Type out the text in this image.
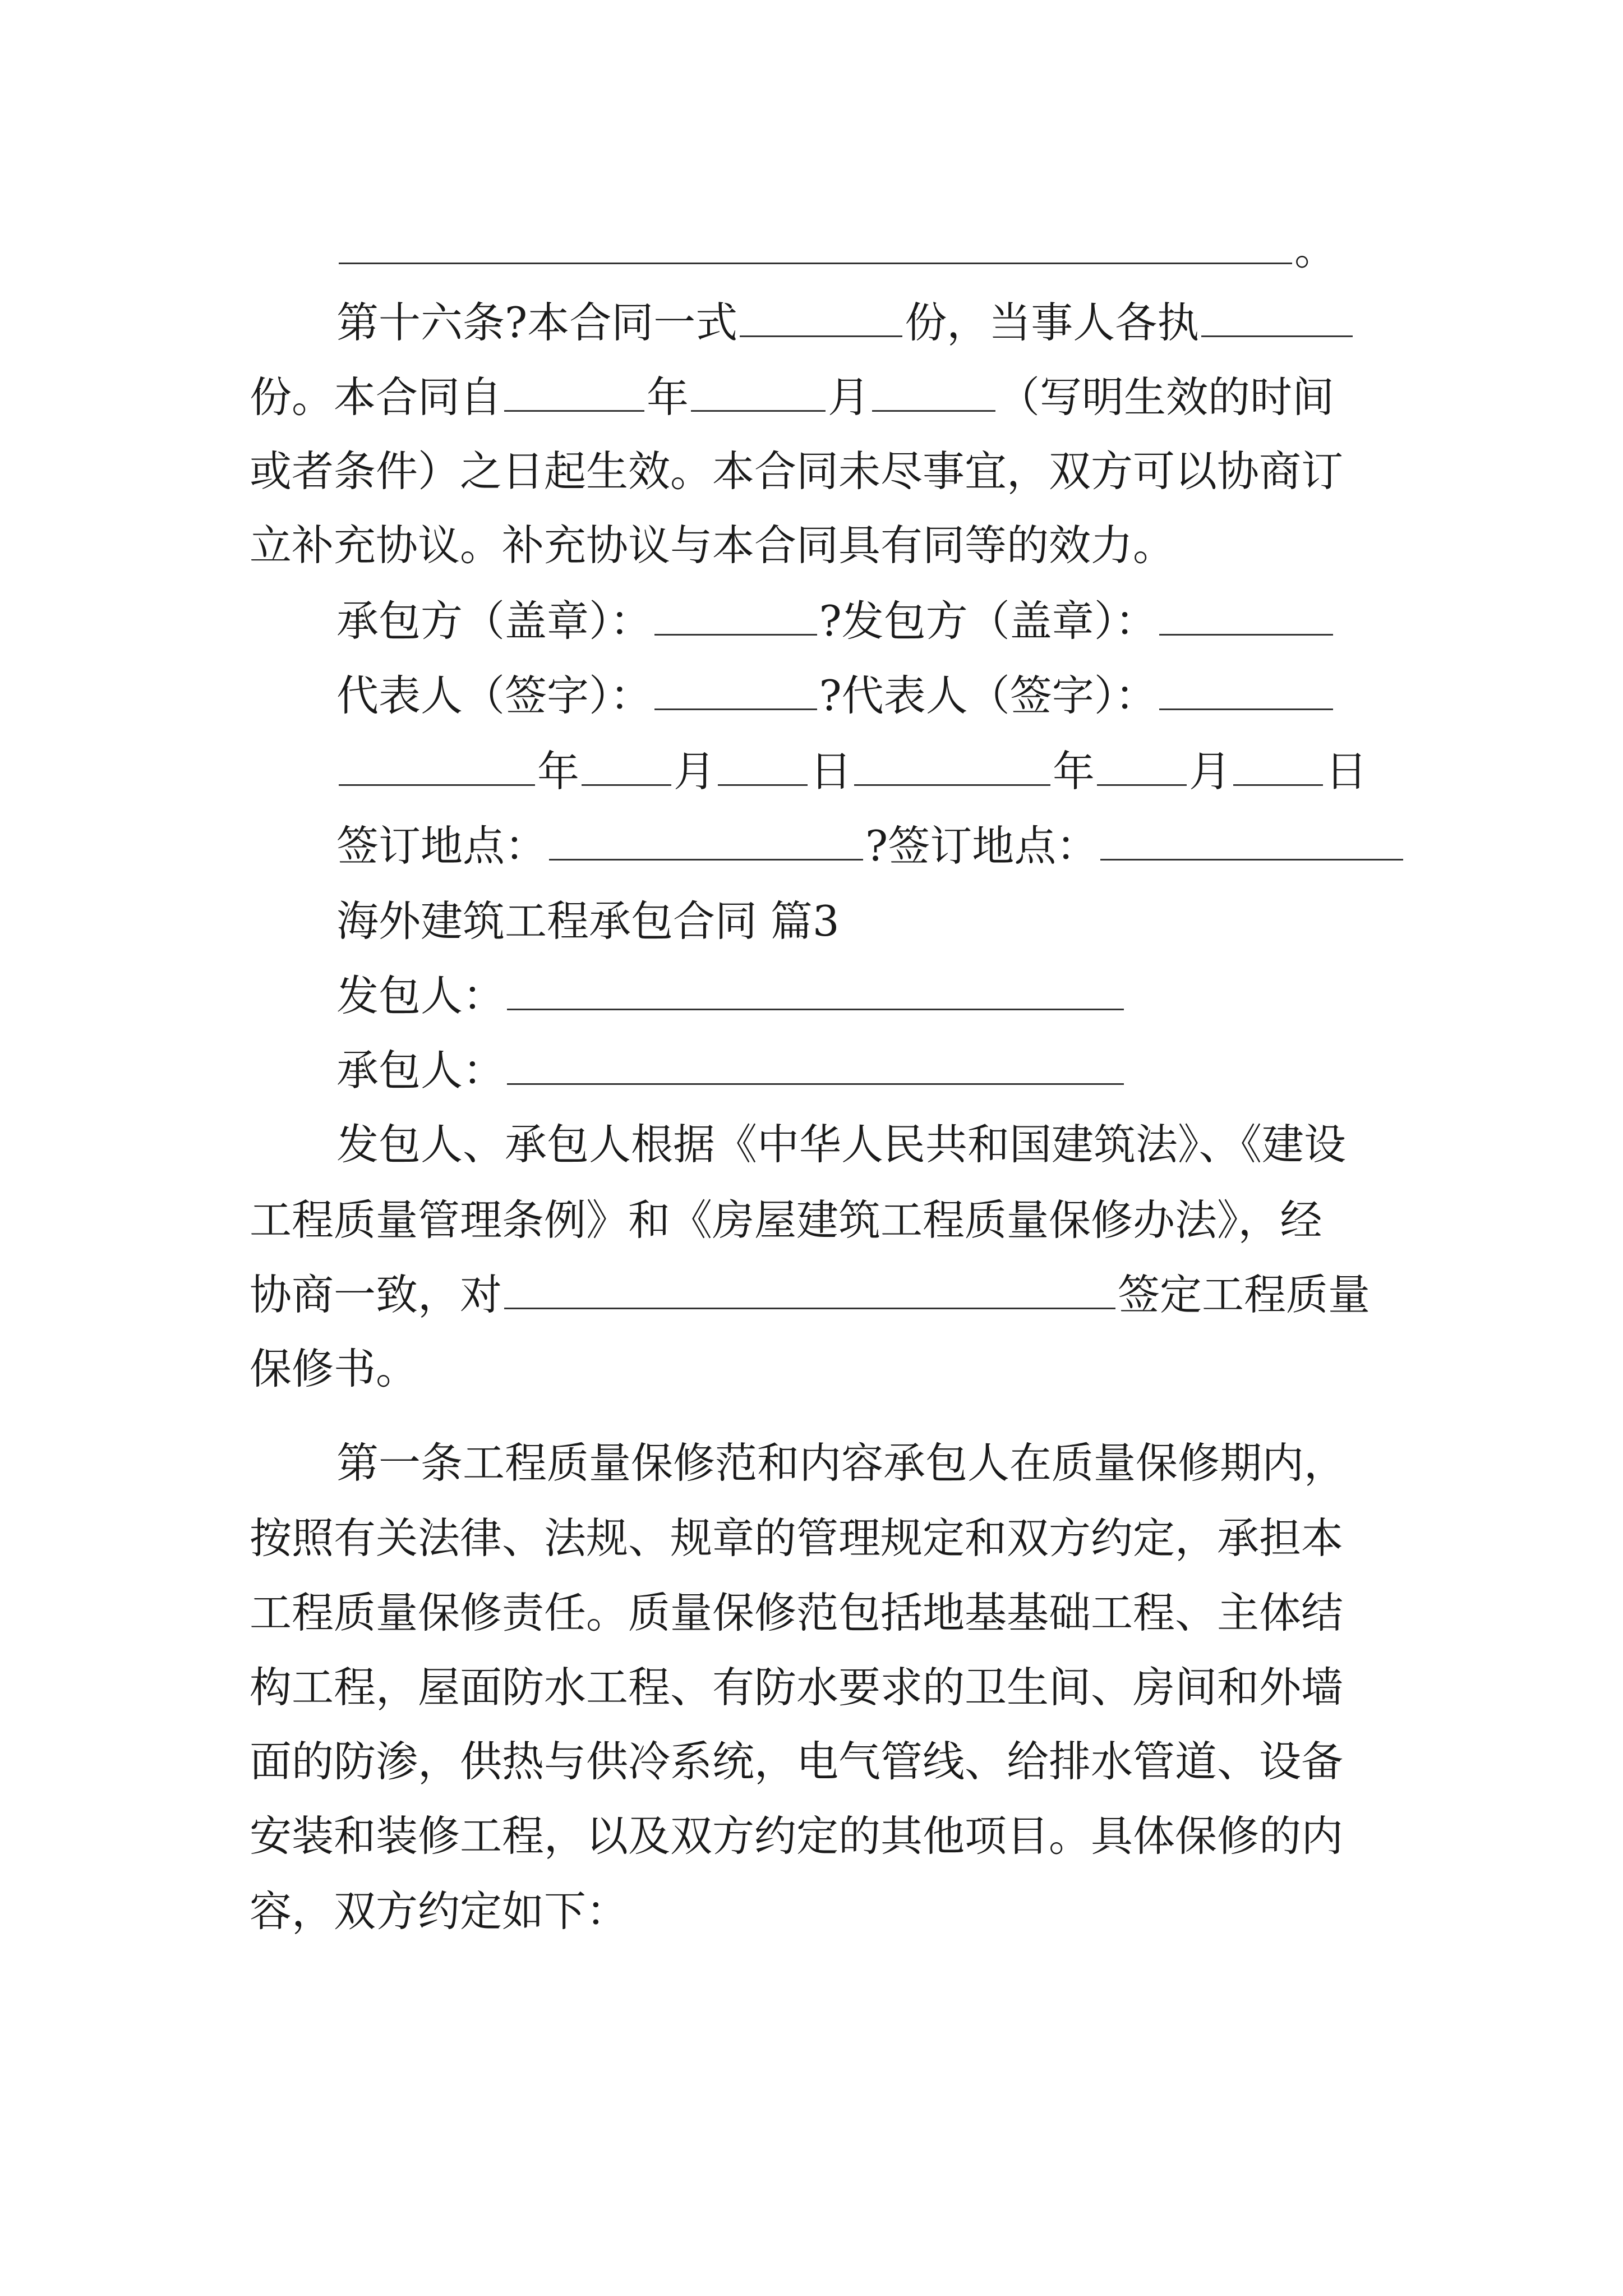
。
第十六条?本合同一式	份，当事人各执
份。本合同自	年	月	（写明生效的时间
或者条件）之日起生效。本合同未尽事宜，双方可以协商订
立补充协议。补充协议与本合同具有同等的效力。
承包方（盖章）：	?发包方（盖章）：
代表人（签字）：	?代表人（签字）：
年 月 日	年 月 日
签订地点：	?签订地点：
海外建筑工程承包合同 篇3
发包人：
承包人：
发包人、承包人根据《中华人民共和国建筑法》、《建设
工程质量管理条例》和《房屋建筑工程质量保修办法》，经
协商一致，对	签定工程质量
保修书。
第一条工程质量保修范和内容承包人在质量保修期内，
按照有关法律、法规、规章的管理规定和双方约定，承担本
工程质量保修责任。质量保修范包括地基基础工程、主体结
构工程，屋面防水工程、有防水要求的卫生间、房间和外墙
面的防渗，供热与供冷系统，电气管线、给排水管道、设备
安装和装修工程，以及双方约定的其他项目。具体保修的内
容，双方约定如下：
